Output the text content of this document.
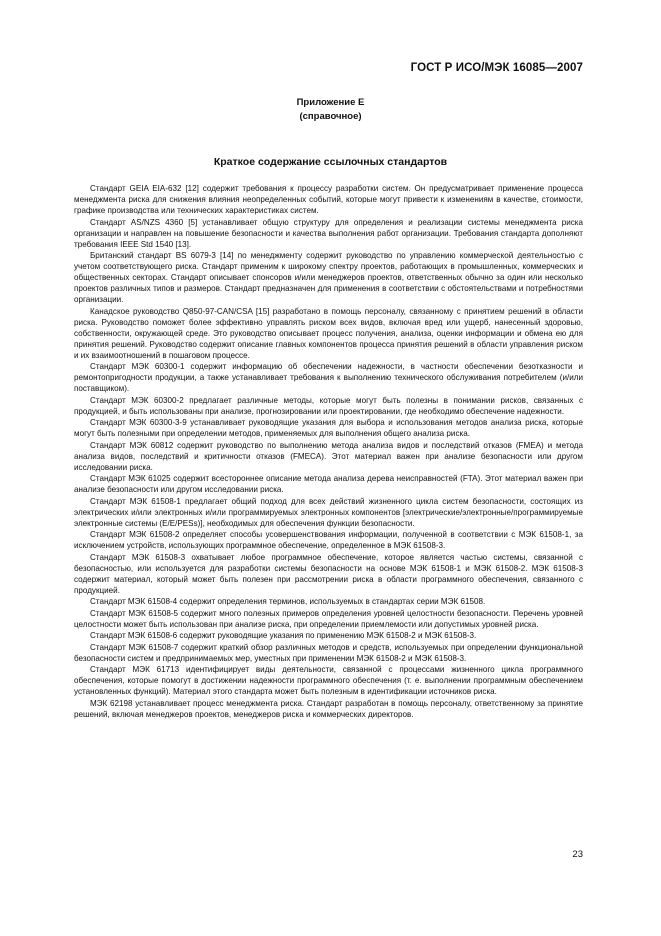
ГОСТ Р ИСО/МЭК 16085—2007
Приложение Е
(справочное)
Краткое содержание ссылочных стандартов

Стандарт GEIA EIA-632 [12] содержит требования к процессу разработки систем. Он предусматривает применение процесса менеджмента риска для снижения влияния неопределенных событий, которые могут привести к изменениям в качестве, стоимости, графике производства или технических характеристиках систем.

Стандарт AS/NZS 4360 [5] устанавливает общую структуру для определения и реализации системы менеджмента риска организации и направлен на повышение безопасности и качества выполнения работ организации. Требования стандарта дополняют требования IEEE Std 1540 [13].

Британский стандарт BS 6079-3 [14] по менеджменту содержит руководство по управлению коммерческой деятельностью с учетом соответствующего риска. Стандарт применим к широкому спектру проектов, работающих в промышленных, коммерческих и общественных секторах. Стандарт описывает спонсоров и/или менеджеров проектов, ответственных обычно за один или несколько проектов различных типов и размеров. Стандарт предназначен для применения в соответствии с обстоятельствами и потребностями организации.

Канадское руководство Q850-97-CAN/CSA [15] разработано в помощь персоналу, связанному с принятием решений в области риска. Руководство поможет более эффективно управлять риском всех видов, включая вред или ущерб, нанесенный здоровью, собственности, окружающей среде. Это руководство описывает процесс получения, анализа, оценки информации и обмена ею для принятия решений. Руководство содержит описание главных компонентов процесса принятия решений в области управления риском и их взаимоотношений в пошаговом процессе.

Стандарт МЭК 60300-1 содержит информацию об обеспечении надежности, в частности обеспечении безотказности и ремонтопригодности продукции, а также устанавливает требования к выполнению технического обслуживания потребителем (и/или поставщиком).

Стандарт МЭК 60300-2 предлагает различные методы, которые могут быть полезны в понимании рисков, связанных с продукцией, и быть использованы при анализе, прогнозировании или проектировании, где необходимо обеспечение надежности.

Стандарт МЭК 60300-3-9 устанавливает руководящие указания для выбора и использования методов анализа риска, которые могут быть полезными при определении методов, применяемых для выполнения общего анализа риска.

Стандарт МЭК 60812 содержит руководство по выполнению метода анализа видов и последствий отказов (FMEA) и метода анализа видов, последствий и критичности отказов (FMECA). Этот материал важен при анализе безопасности или другом исследовании риска.

Стандарт МЭК 61025 содержит всестороннее описание метода анализа дерева неисправностей (FTA). Этот материал важен при анализе безопасности или другом исследовании риска.

Стандарт МЭК 61508-1 предлагает общий подход для всех действий жизненного цикла систем безопасности, состоящих из электрических и/или электронных и/или программируемых электронных компонентов [электрические/электронные/программируемые электронные системы (E/E/PESs)], необходимых для обеспечения функции безопасности.

Стандарт МЭК 61508-2 определяет способы усовершенствования информации, полученной в соответствии с МЭК 61508-1, за исключением устройств, использующих программное обеспечение, определенное в МЭК 61508-3.

Стандарт МЭК 61508-3 охватывает любое программное обеспечение, которое является частью системы, связанной с безопасностью, или используется для разработки системы безопасности на основе МЭК 61508-1 и МЭК 61508-2. МЭК 61508-3 содержит материал, который может быть полезен при рассмотрении риска в области программного обеспечения, связанного с продукцией.

Стандарт МЭК 61508-4 содержит определения терминов, используемых в стандартах серии МЭК 61508.

Стандарт МЭК 61508-5 содержит много полезных примеров определения уровней целостности безопасности. Перечень уровней целостности может быть использован при анализе риска, при определении приемлемости или допустимых уровней риска.

Стандарт МЭК 61508-6 содержит руководящие указания по применению МЭК 61508-2 и МЭК 61508-3.

Стандарт МЭК 61508-7 содержит краткий обзор различных методов и средств, используемых при определении функциональной безопасности систем и предпринимаемых мер, уместных при применении МЭК 61508-2 и МЭК 61508-3.

Стандарт МЭК 61713 идентифицирует виды деятельности, связанной с процессами жизненного цикла программного обеспечения, которые помогут в достижении надежности программного обеспечения (т. е. выполнении программным обеспечением установленных функций). Материал этого стандарта может быть полезным в идентификации источников риска.

МЭК 62198 устанавливает процесс менеджмента риска. Стандарт разработан в помощь персоналу, ответственному за принятие решений, включая менеджеров проектов, менеджеров риска и коммерческих директоров.

23
